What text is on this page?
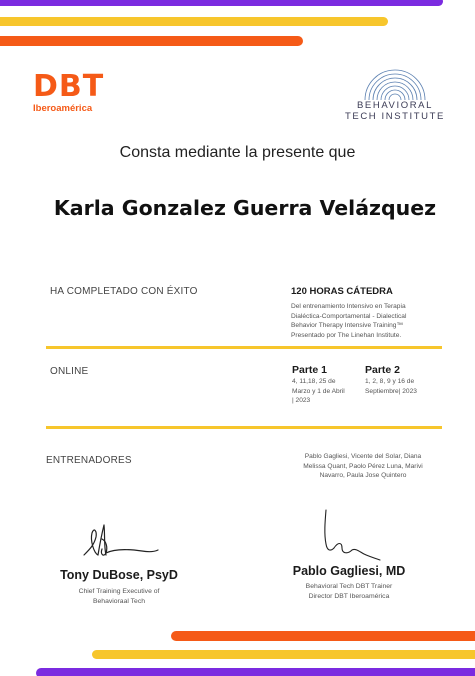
DBT
Iberoamérica	BEHAVIORAL
TECH INSTITUTE
Consta mediante la presente que
Karla Gonzalez Guerra Velázquez
HA COMPLETADO CON ÉXITO	120 HORAS CÁTEDRA
Del entrenamiento Intensivo en Terapia
Dialéctica-Comportamental - Dialectical
Behavior Therapy Intensive Training™
Presentado por The Linehan Institute.
ONLINE	Parte 1
4, 11,18, 25 de
Marzo y 1 de Abril
| 2023
Parte 2
1, 2, 8, 9 y 16 de
Septiembre| 2023
ENTRENADORES	Pablo Gagliesi, Vicente del Solar, Diana
Melissa Quant, Paolo Pérez Luna, Marivi
Navarro, Paula Jose Quintero
Tony DuBose, PsyD
Chief Training Executive of
Behavioraal Tech
Pablo Gagliesi, MD
Behavioral Tech DBT Trainer
Director DBT Iberoamérica
